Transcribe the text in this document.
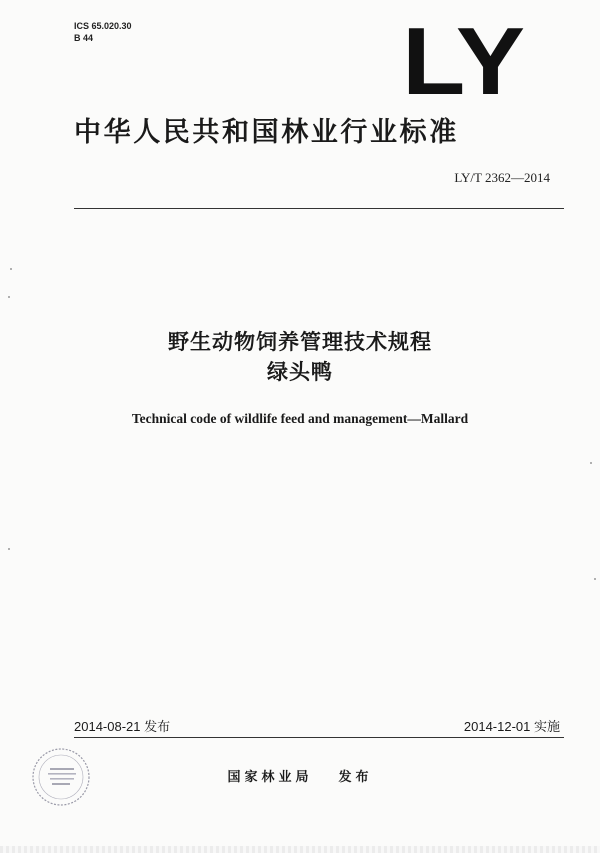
ICS 65.020.30
B 44	LY
中华人民共和国林业行业标准
LY/T 2362—2014
野生动物饲养管理技术规程
绿头鸭
Technical code of wildlife feed and management—Mallard
2014-08-21 发布	2014-12-01 实施
国家林业局 发布
